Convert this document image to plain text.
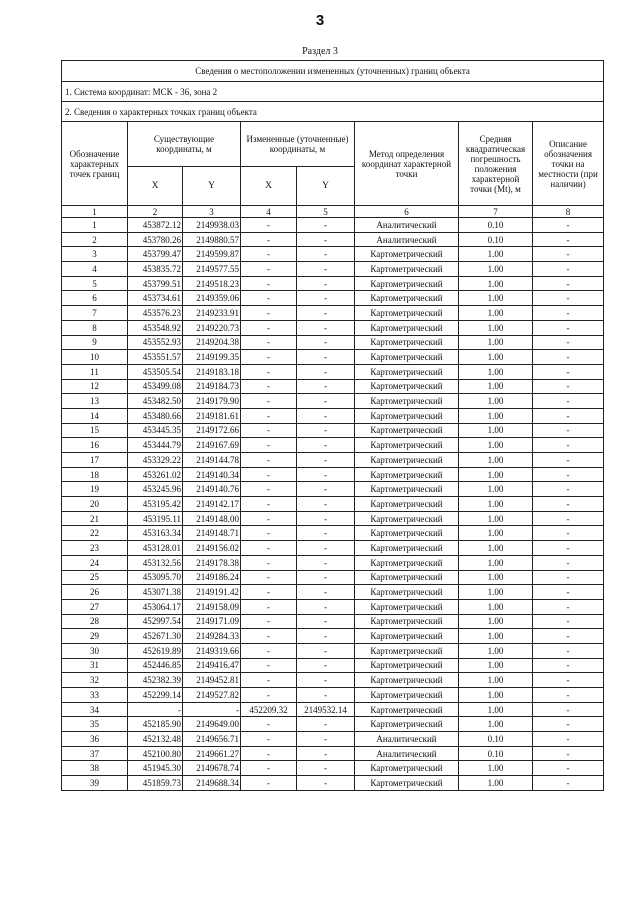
3
Раздел 3
Сведения о местоположении измененных (уточненных) границ объекта							
1. Система координат: МСК - 36, зона 2							
2. Сведения о характерных точках границ объекта							
Обозначение характерных точек границ	Существующие координаты, м		Измененные (уточненные) координаты, м		Метод определения координат характерной точки	Средняя квадратическая погрешность положения характерной точки (Mt), м	Описание обозначения точки на местности (при наличии)
	X	Y	X	Y			
1	2	3	4	5	6	7	8
1	453872.12	2149938.03	-	-	Аналитический	0.10	-
2	453780.26	2149880.57	-	-	Аналитический	0.10	-
3	453799.47	2149599.87	-	-	Картометрический	1.00	-
4	453835.72	2149577.55	-	-	Картометрический	1.00	-
5	453799.51	2149518.23	-	-	Картометрический	1.00	-
6	453734.61	2149359.06	-	-	Картометрический	1.00	-
7	453576.23	2149233.91	-	-	Картометрический	1.00	-
8	453548.92	2149220.73	-	-	Картометрический	1.00	-
9	453552.93	2149204.38	-	-	Картометрический	1.00	-
10	453551.57	2149199.35	-	-	Картометрический	1.00	-
11	453505.54	2149183.18	-	-	Картометрический	1.00	-
12	453499.08	2149184.73	-	-	Картометрический	1.00	-
13	453482.50	2149179.90	-	-	Картометрический	1.00	-
14	453480.66	2149181.61	-	-	Картометрический	1.00	-
15	453445.35	2149172.66	-	-	Картометрический	1.00	-
16	453444.79	2149167.69	-	-	Картометрический	1.00	-
17	453329.22	2149144.78	-	-	Картометрический	1.00	-
18	453261.02	2149140.34	-	-	Картометрический	1.00	-
19	453245.96	2149140.76	-	-	Картометрический	1.00	-
20	453195.42	2149142.17	-	-	Картометрический	1.00	-
21	453195.11	2149148.00	-	-	Картометрический	1.00	-
22	453163.34	2149148.71	-	-	Картометрический	1.00	-
23	453128.01	2149156.02	-	-	Картометрический	1.00	-
24	453132.56	2149178.38	-	-	Картометрический	1.00	-
25	453095.70	2149186.24	-	-	Картометрический	1.00	-
26	453071.38	2149191.42	-	-	Картометрический	1.00	-
27	453064.17	2149158.09	-	-	Картометрический	1.00	-
28	452997.54	2149171.09	-	-	Картометрический	1.00	-
29	452671.30	2149284.33	-	-	Картометрический	1.00	-
30	452619.89	2149319.66	-	-	Картометрический	1.00	-
31	452446.85	2149416.47	-	-	Картометрический	1.00	-
32	452382.39	2149452.81	-	-	Картометрический	1.00	-
33	452299.14	2149527.82	-	-	Картометрический	1.00	-
34	-	-	452209.32	2149532.14	Картометрический	1.00	-
35	452185.90	2149649.00	-	-	Картометрический	1.00	-
36	452132.48	2149656.71	-	-	Аналитический	0.10	-
37	452100.80	2149661.27	-	-	Аналитический	0.10	-
38	451945.30	2149678.74	-	-	Картометрический	1.00	-
39	451859.73	2149688.34	-	-	Картометрический	1.00	-
